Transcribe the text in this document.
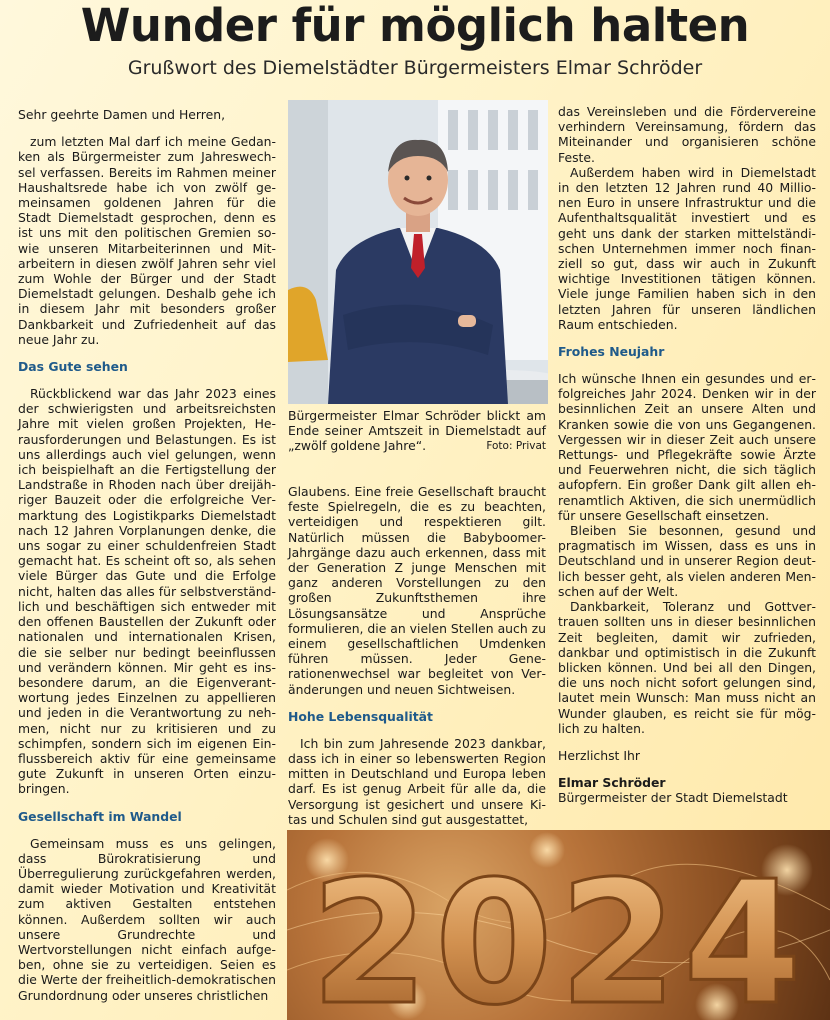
Wunder für möglich halten
Grußwort des Diemelstädter Bürgermeisters Elmar Schröder

Sehr geehrte Damen und Herren,

zum letzten Mal darf ich meine Gedanken als Bürgermeister zum Jahreswechsel verfassen. Bereits im Rahmen meiner Haushaltsrede habe ich von zwölf gemeinsamen goldenen Jahren für die Stadt Diemelstadt gesprochen, denn es ist uns mit den politischen Gremien sowie unseren Mitarbeiterinnen und Mitarbeitern in diesen zwölf Jahren sehr viel zum Wohle der Bürger und der Stadt Diemelstadt gelungen. Deshalb gehe ich in diesem Jahr mit besonders großer Dankbarkeit und Zufriedenheit auf das neue Jahr zu.

Das Gute sehen

Rückblickend war das Jahr 2023 eines der schwierigsten und arbeitsreichsten Jahre mit vielen großen Projekten, Herausforderungen und Belastungen. Es ist uns allerdings auch viel gelungen, wenn ich beispielhaft an die Fertigstellung der Landstraße in Rhoden nach über dreijähriger Bauzeit oder die erfolgreiche Vermarktung des Logistikparks Diemelstadt nach 12 Jahren Vorplanungen denke, die uns sogar zu einer schuldenfreien Stadt gemacht hat. Es scheint oft so, als sehen viele Bürger das Gute und die Erfolge nicht, halten das alles für selbstverständlich und beschäftigen sich entweder mit den offenen Baustellen der Zukunft oder nationalen und internationalen Krisen, die sie selber nur bedingt beeinflussen und verändern können. Mir geht es insbesondere darum, an die Eigenverantwortung jedes Einzelnen zu appellieren und jeden in die Verantwortung zu nehmen, nicht nur zu kritisieren und zu schimpfen, sondern sich im eigenen Einflussbereich aktiv für eine gemeinsame gute Zukunft in unseren Orten einzubringen.

Gesellschaft im Wandel

Gemeinsam muss es uns gelingen, dass Bürokratisierung und Überregulierung zurückgefahren werden, damit wieder Motivation und Kreativität zum aktiven Gestalten entstehen können. Außerdem sollten wir auch unsere Grundrechte und Wertvorstellungen nicht einfach aufgeben, ohne sie zu verteidigen. Seien es die Werte der freiheitlich-demokratischen Grundordnung oder unseres christlichen

Bürgermeister Elmar Schröder blickt am Ende seiner Amtszeit in Diemelstadt auf „zwölf goldene Jahre“.	Foto: Privat

Glaubens. Eine freie Gesellschaft braucht feste Spielregeln, die es zu beachten, verteidigen und respektieren gilt. Natürlich müssen die Babyboomer-Jahrgänge dazu auch erkennen, dass mit der Generation Z junge Menschen mit ganz anderen Vorstellungen zu den großen Zukunftsthemen ihre Lösungsansätze und Ansprüche formulieren, die an vielen Stellen auch zu einem gesellschaftlichen Umdenken führen müssen. Jeder Generationenwechsel war begleitet von Veränderungen und neuen Sichtweisen.

Hohe Lebensqualität

Ich bin zum Jahresende 2023 dankbar, dass ich in einer so lebenswerten Region mitten in Deutschland und Europa leben darf. Es ist genug Arbeit für alle da, die Versorgung ist gesichert und unsere Kitas und Schulen sind gut ausgestattet,

das Vereinsleben und die Fördervereine verhindern Vereinsamung, fördern das Miteinander und organisieren schöne Feste.

Außerdem haben wird in Diemelstadt in den letzten 12 Jahren rund 40 Millionen Euro in unsere Infrastruktur und die Aufenthaltsqualität investiert und es geht uns dank der starken mittelständischen Unternehmen immer noch finanziell so gut, dass wir auch in Zukunft wichtige Investitionen tätigen können. Viele junge Familien haben sich in den letzten Jahren für unseren ländlichen Raum entschieden.

Frohes Neujahr

Ich wünsche Ihnen ein gesundes und erfolgreiches Jahr 2024. Denken wir in der besinnlichen Zeit an unsere Alten und Kranken sowie die von uns Gegangenen. Vergessen wir in dieser Zeit auch unsere Rettungs- und Pflegekräfte sowie Ärzte und Feuerwehren nicht, die sich täglich aufopfern. Ein großer Dank gilt allen ehrenamtlich Aktiven, die sich unermüdlich für unsere Gesellschaft einsetzen.

Bleiben Sie besonnen, gesund und pragmatisch im Wissen, dass es uns in Deutschland und in unserer Region deutlich besser geht, als vielen anderen Menschen auf der Welt.

Dankbarkeit, Toleranz und Gottvertrauen sollten uns in dieser besinnlichen Zeit begleiten, damit wir zufrieden, dankbar und optimistisch in die Zukunft blicken können. Und bei all den Dingen, die uns noch nicht sofort gelungen sind, lautet mein Wunsch: Man muss nicht an Wunder glauben, es reicht sie für möglich zu halten.

Herzlichst Ihr

Elmar Schröder

Bürgermeister der Stadt Diemelstadt

2024
